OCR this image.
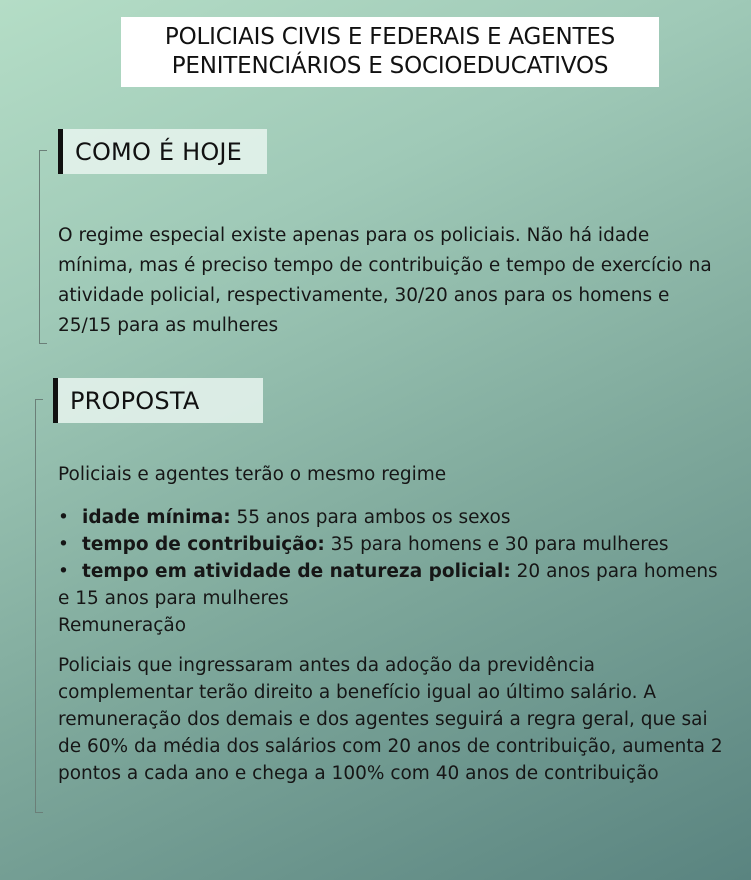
POLICIAIS CIVIS E FEDERAIS E AGENTES
PENITENCIÁRIOS E SOCIOEDUCATIVOS
COMO É HOJE

O regime especial existe apenas para os policiais. Não há idade mínima, mas é preciso tempo de contribuição e tempo de exercício na atividade policial, respectivamente, 30/20 anos para os homens e 25/15 para as mulheres

PROPOSTA

Policiais e agentes terão o mesmo regime

• idade mínima: 55 anos para ambos os sexos
• tempo de contribuição: 35 para homens e 30 para mulheres
• tempo em atividade de natureza policial: 20 anos para homens e 15 anos para mulheres
Remuneração

Policiais que ingressaram antes da adoção da previdência complementar terão direito a benefício igual ao último salário. A remuneração dos demais e dos agentes seguirá a regra geral, que sai de 60% da média dos salários com 20 anos de contribuição, aumenta 2 pontos a cada ano e chega a 100% com 40 anos de contribuição
